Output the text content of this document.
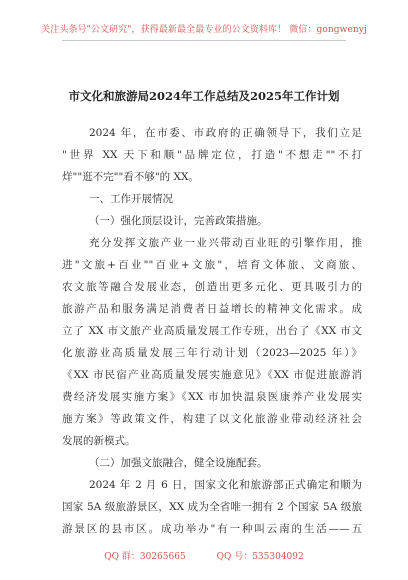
关注头条号"公文研究"，获得最新最全最专业的公文资料库！ 微信：gongwenyj
市文化和旅游局2024年工作总结及2025年工作计划
2024 年，在市委、市政府的正确领导下，我们立足
"世界 XX 天下和顺"品牌定位，打造"不想走""不打
烊""逛不完""看不够"的 XX。
一、工作开展情况
（一）强化顶层设计，完善政策措施。
充分发挥文旅产业一业兴带动百业旺的引擎作用，推
进"文旅+百业""百业+文旅"，培育文体旅、文商旅、
农文旅等融合发展业态，创造出更多元化、更具吸引力的
旅游产品和服务满足消费者日益增长的精神文化需求。成
立了 XX 市文旅产业高质量发展工作专班，出台了《XX 市文
化旅游业高质量发展三年行动计划（2023—2025 年）》
《XX 市民宿产业高质量发展实施意见》《XX 市促进旅游消
费经济发展实施方案》《XX 市加快温泉医康养产业发展实
施方案》等政策文件，构建了以文化旅游业带动经济社会
发展的新模式。
（二）加强文旅融合，健全设施配套。
2024 年 2 月 6 日，国家文化和旅游部正式确定和顺为
国家 5A 级旅游景区，XX 成为全省唯一拥有 2 个国家 5A 级旅
游景区的县市区。成功举办"有一种叫云南的生活——五
QQ 群：30265665	QQ 号：535304092
